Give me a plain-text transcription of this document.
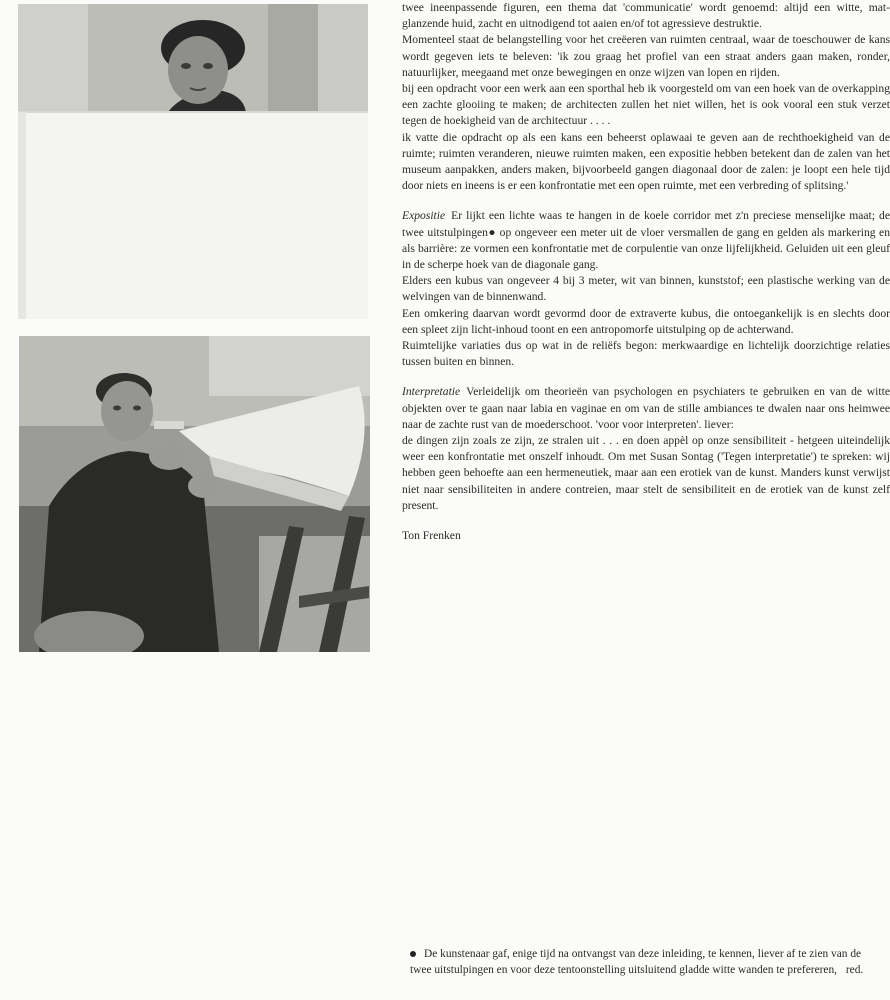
twee ineenpassende figuren, een thema dat 'communicatie' wordt genoemd: altijd een witte, mat-glanzende huid, zacht en uitnodigend tot aaien en/of tot agressieve destruktie.

Momenteel staat de belangstelling voor het creëeren van ruimten centraal, waar de toeschouwer de kans wordt gegeven iets te beleven: 'ik zou graag het profiel van een straat anders gaan maken, ronder, natuurlijker, meegaand met onze bewegingen en onze wijzen van lopen en rijden.

bij een opdracht voor een werk aan een sporthal heb ik voorgesteld om van een hoek van de overkapping een zachte glooiing te maken; de architecten zullen het niet willen, het is ook vooral een stuk verzet tegen de hoekigheid van de architectuur . . . .

ik vatte die opdracht op als een kans een beheerst oplawaai te geven aan de rechthoekigheid van de ruimte; ruimten veranderen, nieuwe ruimten maken, een expositie hebben betekent dan de zalen van het museum aanpakken, anders maken, bijvoorbeeld gangen diagonaal door de zalen: je loopt een hele tijd door niets en ineens is er een konfrontatie met een open ruimte, met een verbreding of splitsing.'

Expositie Er lijkt een lichte waas te hangen in de koele corridor met z'n preciese menselijke maat; de twee uitstulpingen● op ongeveer een meter uit de vloer versmallen de gang en gelden als markering en als barrière: ze vormen een konfrontatie met de corpulentie van onze lijfelijkheid. Geluiden uit een gleuf in de scherpe hoek van de diagonale gang.

Elders een kubus van ongeveer 4 bij 3 meter, wit van binnen, kunststof; een plastische werking van de welvingen van de binnenwand.

Een omkering daarvan wordt gevormd door de extraverte kubus, die ontoegankelijk is en slechts door een spleet zijn licht-inhoud toont en een antropomorfe uitstulping op de achterwand.

Ruimtelijke variaties dus op wat in de reliëfs begon: merkwaardige en lichtelijk doorzichtige relaties tussen buiten en binnen.

Interpretatie Verleidelijk om theorieën van psychologen en psychiaters te gebruiken en van de witte objekten over te gaan naar labia en vaginae en om van de stille ambiances te dwalen naar ons heimwee naar de zachte rust van de moederschoot. 'voor voor interpreten'. liever:

de dingen zijn zoals ze zijn, ze stralen uit . . . en doen appèl op onze sensibiliteit - hetgeen uiteindelijk weer een konfrontatie met onszelf inhoudt. Om met Susan Sontag ('Tegen interpretatie') te spreken: wij hebben geen behoefte aan een hermeneutiek, maar aan een erotiek van de kunst. Manders kunst verwijst niet naar sensibiliteiten in andere contreien, maar stelt de sensibiliteit en de erotiek van de kunst zelf present.

Ton Frenken

De kunstenaar gaf, enige tijd na ontvangst van deze inleiding, te kennen, liever af te zien van de twee uitstulpingen en voor deze tentoonstelling uitsluitend gladde witte wanden te prefereren, red.
